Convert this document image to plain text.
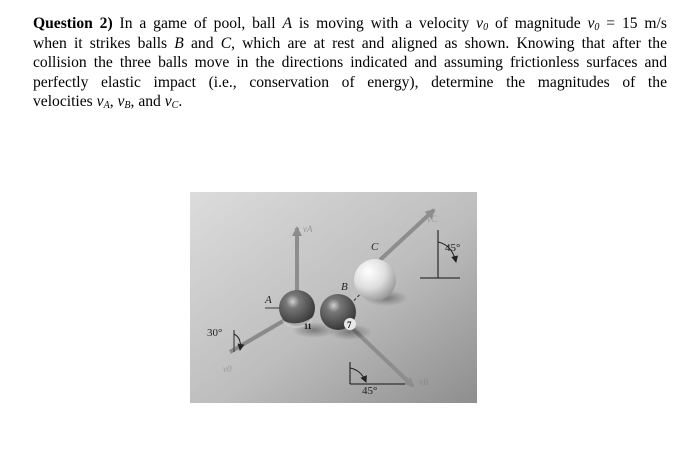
Question 2) In a game of pool, ball A is moving with a velocity $v_0$ of magnitude $v_0 = 15$ m/s
when it strikes balls B and C, which are at rest and aligned as shown. Knowing that after the
collision the three balls move in the directions indicated and assuming frictionless surfaces and
perfectly elastic impact (i.e., conservation of energy), determine the magnitudes of the
velocities $v_A$, $v_B$, and $v_C$.
11	7
vA
vC
vB
v0
A
B
C
30°
45°
45°
